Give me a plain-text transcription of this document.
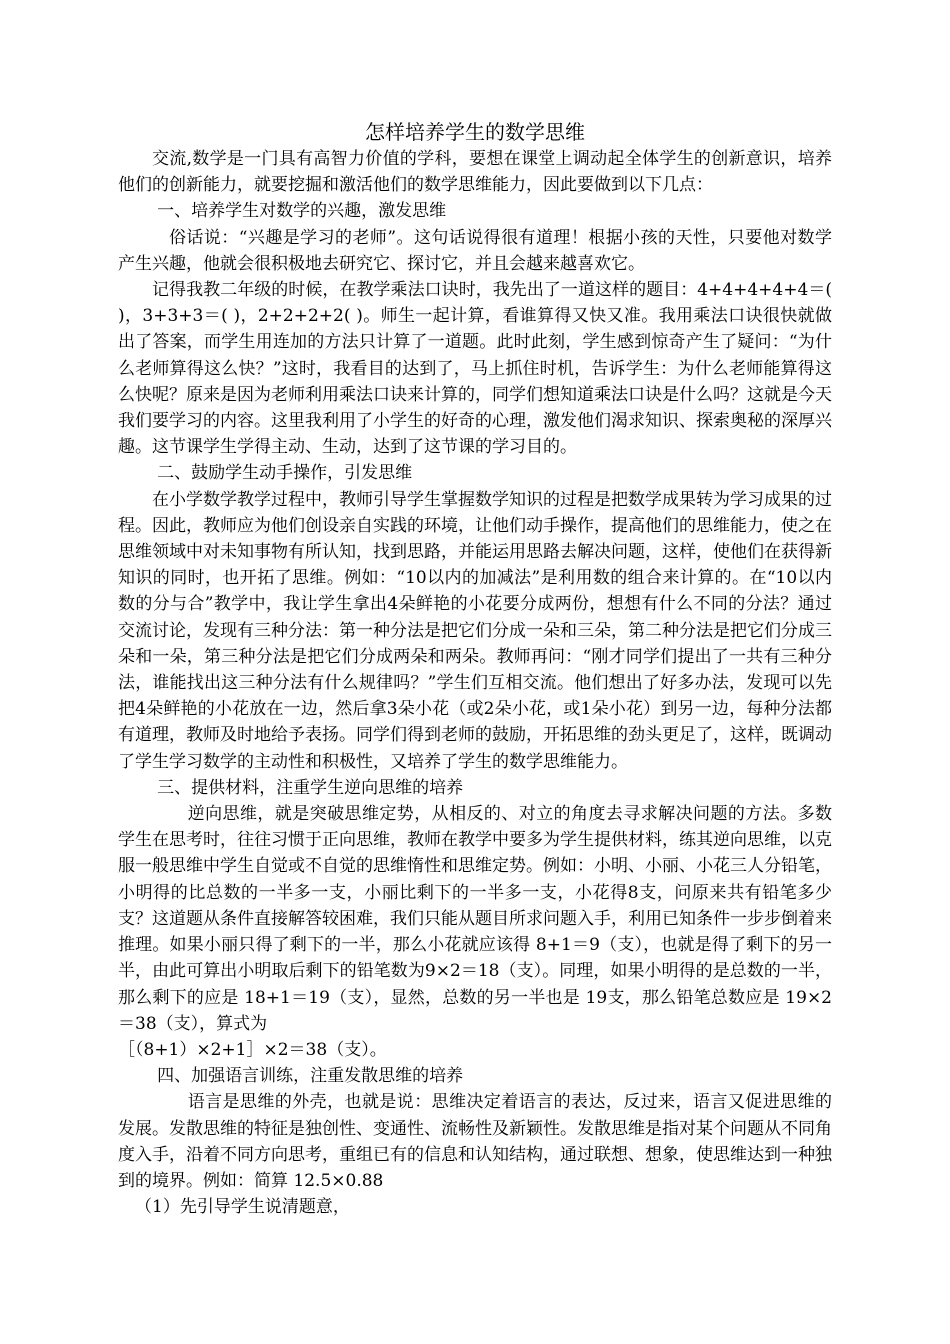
怎样培养学生的数学思维

交流,数学是一门具有高智力价值的学科，要想在课堂上调动起全体学生的创新意识，培养他们的创新能力，就要挖掘和激活他们的数学思维能力，因此要做到以下几点：

一、培养学生对数学的兴趣，激发思维

俗话说：“兴趣是学习的老师”。这句话说得很有道理！根据小孩的天性，只要他对数学产生兴趣，他就会很积极地去研究它、探讨它，并且会越来越喜欢它。

记得我教二年级的时候，在教学乘法口诀时，我先出了一道这样的题目：4+4+4+4+4＝( )，3+3+3＝( )，2+2+2+2( )。师生一起计算，看谁算得又快又准。我用乘法口诀很快就做出了答案，而学生用连加的方法只计算了一道题。此时此刻，学生感到惊奇产生了疑问：“为什么老师算得这么快？”这时，我看目的达到了，马上抓住时机，告诉学生：为什么老师能算得这么快呢？原来是因为老师利用乘法口诀来计算的，同学们想知道乘法口诀是什么吗？这就是今天我们要学习的内容。这里我利用了小学生的好奇的心理，激发他们渴求知识、探索奥秘的深厚兴趣。这节课学生学得主动、生动，达到了这节课的学习目的。

二、鼓励学生动手操作，引发思维

在小学数学教学过程中，教师引导学生掌握数学知识的过程是把数学成果转为学习成果的过程。因此，教师应为他们创设亲自实践的环境，让他们动手操作，提高他们的思维能力，使之在思维领域中对未知事物有所认知，找到思路，并能运用思路去解决问题，这样，使他们在获得新知识的同时，也开拓了思维。例如：“10以内的加减法”是利用数的组合来计算的。在“10以内数的分与合”教学中，我让学生拿出4朵鲜艳的小花要分成两份，想想有什么不同的分法？通过交流讨论，发现有三种分法：第一种分法是把它们分成一朵和三朵，第二种分法是把它们分成三朵和一朵，第三种分法是把它们分成两朵和两朵。教师再问：“刚才同学们提出了一共有三种分法，谁能找出这三种分法有什么规律吗？”学生们互相交流。他们想出了好多办法，发现可以先把4朵鲜艳的小花放在一边，然后拿3朵小花（或2朵小花，或1朵小花）到另一边，每种分法都有道理，教师及时地给予表扬。同学们得到老师的鼓励，开拓思维的劲头更足了，这样，既调动了学生学习数学的主动性和积极性，又培养了学生的数学思维能力。

三、提供材料，注重学生逆向思维的培养

逆向思维，就是突破思维定势，从相反的、对立的角度去寻求解决问题的方法。多数学生在思考时，往往习惯于正向思维，教师在教学中要多为学生提供材料，练其逆向思维，以克服一般思维中学生自觉或不自觉的思维惰性和思维定势。例如：小明、小丽、小花三人分铅笔，小明得的比总数的一半多一支，小丽比剩下的一半多一支，小花得8支，问原来共有铅笔多少支？这道题从条件直接解答较困难，我们只能从题目所求问题入手，利用已知条件一步步倒着来推理。如果小丽只得了剩下的一半，那么小花就应该得 8+1＝9（支），也就是得了剩下的另一半，由此可算出小明取后剩下的铅笔数为9×2＝18（支）。同理，如果小明得的是总数的一半，那么剩下的应是 18+1＝19（支），显然，总数的另一半也是 19支，那么铅笔总数应是 19×2＝38（支），算式为

［（8+1）×2+1］×2＝38（支）。

四、加强语言训练，注重发散思维的培养

语言是思维的外壳，也就是说：思维决定着语言的表达，反过来，语言又促进思维的发展。发散思维的特征是独创性、变通性、流畅性及新颖性。发散思维是指对某个问题从不同角度入手，沿着不同方向思考，重组已有的信息和认知结构，通过联想、想象，使思维达到一种独到的境界。例如：简算 12.5×0.88

（1）先引导学生说清题意，
